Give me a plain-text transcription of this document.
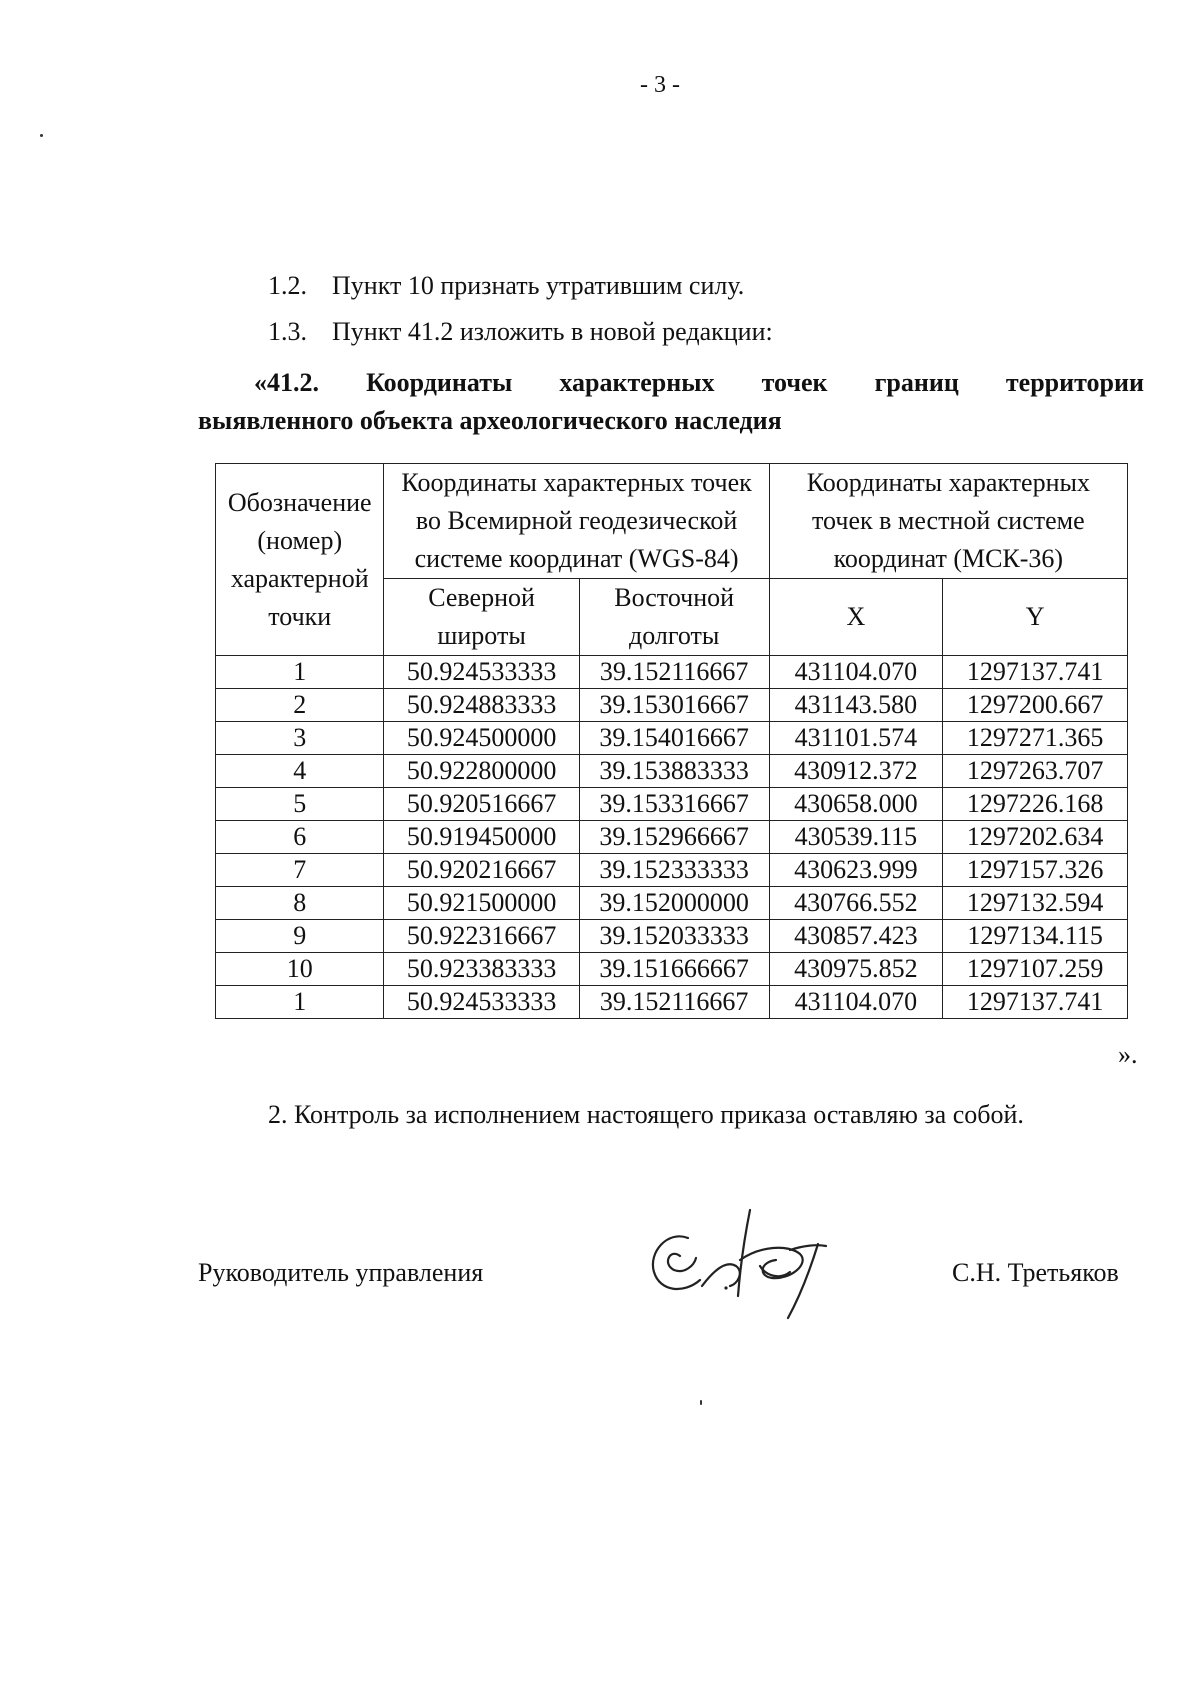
- 3 -
1.2. Пункт 10 признать утратившим силу.
1.3. Пункт 41.2 изложить в новой редакции:
«41.2. Координаты характерных точек границ территории
выявленного объекта археологического наследия
Обозначение (номер) характерной точки	Координаты характерных точек во Всемирной геодезической системе координат (WGS-84)		Координаты характерных точек в местной системе координат (МСК-36)	
	Северной широты	Восточной долготы	X	Y
1	50.924533333	39.152116667	431104.070	1297137.741
2	50.924883333	39.153016667	431143.580	1297200.667
3	50.924500000	39.154016667	431101.574	1297271.365
4	50.922800000	39.153883333	430912.372	1297263.707
5	50.920516667	39.153316667	430658.000	1297226.168
6	50.919450000	39.152966667	430539.115	1297202.634
7	50.920216667	39.152333333	430623.999	1297157.326
8	50.921500000	39.152000000	430766.552	1297132.594
9	50.922316667	39.152033333	430857.423	1297134.115
10	50.923383333	39.151666667	430975.852	1297107.259
1	50.924533333	39.152116667	431104.070	1297137.741
».
2. Контроль за исполнением настоящего приказа оставляю за собой.
Руководитель управления	С.Н. Третьяков
